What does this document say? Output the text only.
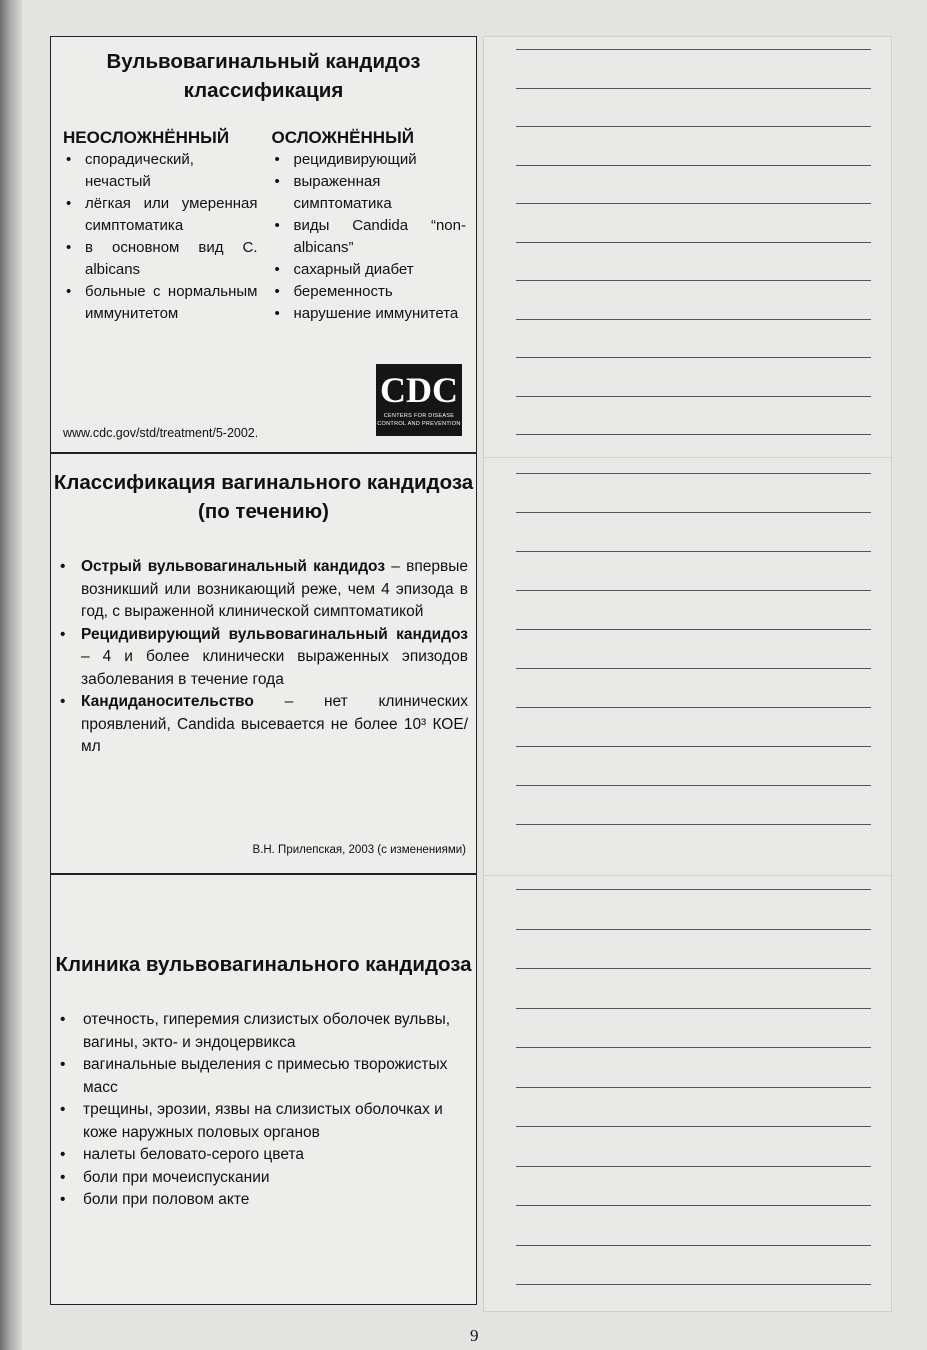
Вульвовагинальный кандидоз классификация
НЕОСЛОЖНЁННЫЙ
• спорадический, нечастый
• лёгкая или умеренная симптоматика
• в основном вид C. albicans
• больные с нормальным иммунитетом
ОСЛОЖНЁННЫЙ
• рецидивирующий
• выраженная симптоматика
• виды Candida “non-albicans”
• сахарный диабет
• беременность
• нарушение иммунитета
CDC
CENTERS FOR DISEASE CONTROL AND PREVENTION
www.cdc.gov/std/treatment/5-2002.
Классификация вагинального кандидоза (по течению)
• Острый вульвовагинальный кандидоз – впервые возникший или возникающий реже, чем 4 эпизода в год, с выраженной клинической симптоматикой
• Рецидивирующий вульвовагинальный кандидоз – 4 и более клинически выраженных эпизодов заболевания в течение года
• Кандиданосительство – нет клинических проявлений, Candida высевается не более 10³ КОЕ/мл
В.Н. Прилепская, 2003 (с изменениями)
Клиника вульвовагинального кандидоза
• отечность, гиперемия слизистых оболочек вульвы, вагины, экто- и эндоцервикса
• вагинальные выделения с примесью творожистых масс
• трещины, эрозии, язвы на слизистых оболочках и коже наружных половых органов
• налеты беловато-серого цвета
• боли при мочеиспускании
• боли при половом акте
9
